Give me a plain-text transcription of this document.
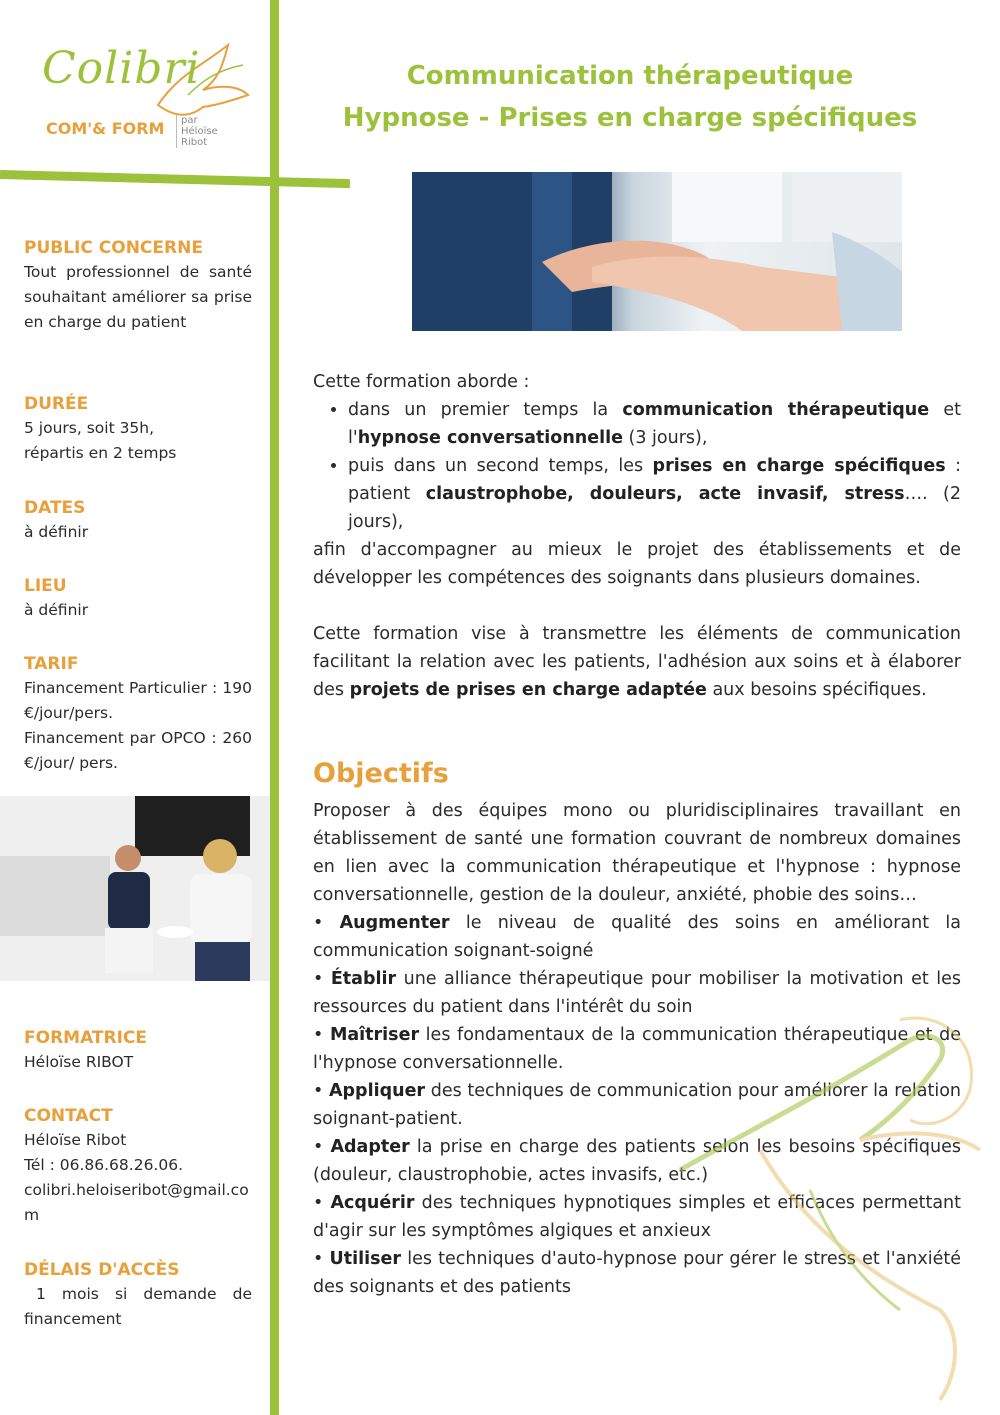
Colibri
COM'& FORM	par Héloïse Ribot
Communication thérapeutique
Hypnose - Prises en charge spécifiques
PUBLIC CONCERNE
Tout professionnel de santé souhaitant améliorer sa prise en charge du patient
DURÉE
5 jours, soit 35h,
répartis en 2 temps
DATES
à définir
LIEU
à définir
TARIF
Financement Particulier : 190 €/jour/pers.
Financement par OPCO : 260 €/jour/ pers.
FORMATRICE
Héloïse RIBOT
CONTACT
Héloïse Ribot
Tél : 06.86.68.26.06.
colibri.heloiseribot@gmail.com
DÉLAIS D'ACCÈS
1 mois si demande de financement
Cette formation aborde :
• dans un premier temps la communication thérapeutique et l'hypnose conversationnelle (3 jours),
• puis dans un second temps, les prises en charge spécifiques : patient claustrophobe, douleurs, acte invasif, stress…. (2 jours),
afin d'accompagner au mieux le projet des établissements et de développer les compétences des soignants dans plusieurs domaines.
Cette formation vise à transmettre les éléments de communication facilitant la relation avec les patients, l'adhésion aux soins et à élaborer des projets de prises en charge adaptée aux besoins spécifiques.
Objectifs
Proposer à des équipes mono ou pluridisciplinaires travaillant en établissement de santé une formation couvrant de nombreux domaines en lien avec la communication thérapeutique et l'hypnose : hypnose conversationnelle, gestion de la douleur, anxiété, phobie des soins…
• Augmenter le niveau de qualité des soins en améliorant la communication soignant-soigné
• Établir une alliance thérapeutique pour mobiliser la motivation et les ressources du patient dans l'intérêt du soin
• Maîtriser les fondamentaux de la communication thérapeutique et de l'hypnose conversationnelle.
• Appliquer des techniques de communication pour améliorer la relation soignant-patient.
• Adapter la prise en charge des patients selon les besoins spécifiques (douleur, claustrophobie, actes invasifs, etc.)
• Acquérir des techniques hypnotiques simples et efficaces permettant d'agir sur les symptômes algiques et anxieux
• Utiliser les techniques d'auto-hypnose pour gérer le stress et l'anxiété des soignants et des patients
